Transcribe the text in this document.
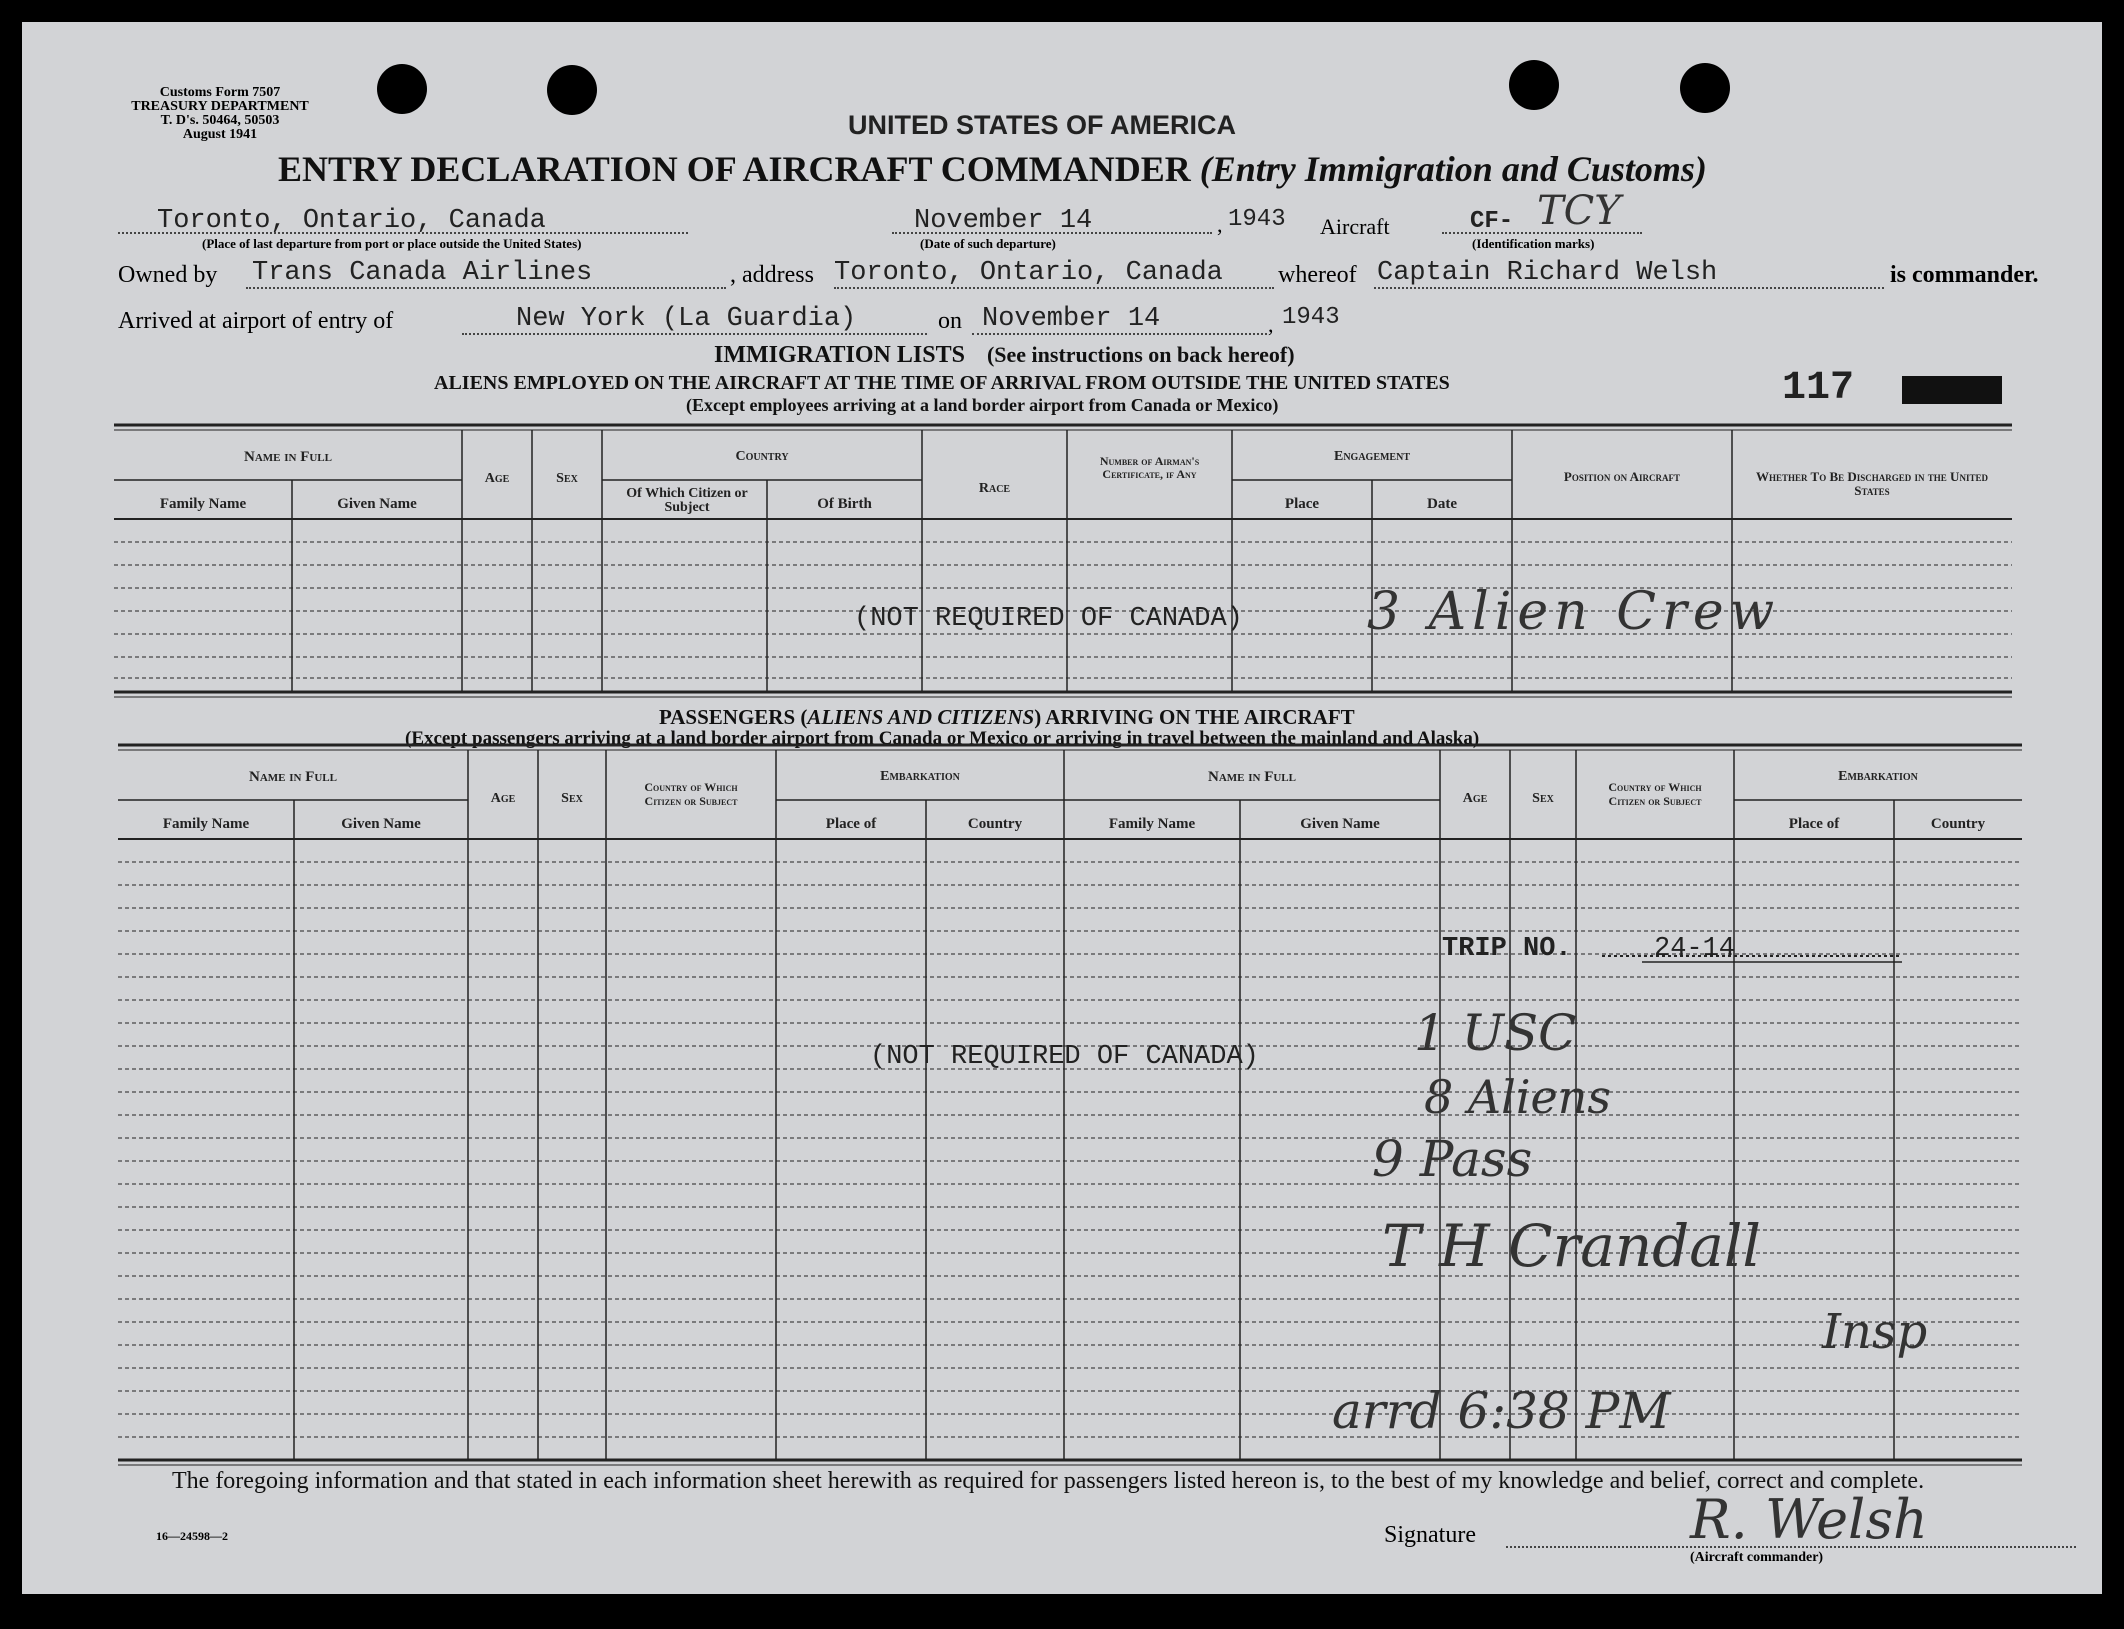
Customs Form 7507
TREASURY DEPARTMENT
T. D's. 50464, 50503
August 1941	UNITED STATES OF AMERICA
ENTRY DECLARATION OF AIRCRAFT COMMANDER (Entry Immigration and Customs)
Toronto, Ontario, Canada
(Place of last departure from port or place outside the United States)
November 14
(Date of such departure)
, 1943 Aircraft	CF- TCY
(Identification marks)
Owned by Trans Canada Airlines	, address Toronto, Ontario, Canada whereof Captain Richard Welsh	is commander.
Arrived at airport of entry of	New York (La Guardia)	on November 14	, 1943
IMMIGRATION LISTS (See instructions on back hereof)
ALIENS EMPLOYED ON THE AIRCRAFT AT THE TIME OF ARRIVAL FROM OUTSIDE THE UNITED STATES
(Except employees arriving at a land border airport from Canada or Mexico)	117
Name in Full
Family Name	Given Name
Age	Sex
Country
Of Which Citizen or Subject	Of Birth
Race
Number of Airman's Certificate, if Any
Engagement
Place	Date
Position on Aircraft	Whether To Be Discharged in the United States
(NOT REQUIRED OF CANADA) 3 Alien Crew
PASSENGERS (ALIENS AND CITIZENS) ARRIVING ON THE AIRCRAFT
(Except passengers arriving at a land border airport from Canada or Mexico or arriving in travel between the mainland and Alaska)
Name in Full
Family Name	Given Name
Age	Sex
Country of Which Citizen or Subject
Embarkation
Place of	Country
Name in Full
Family Name	Given Name
Age	Sex
Country of Which Citizen or Subject
Embarkation
Place of	Country
(NOT REQUIRED OF CANADA)
TRIP NO.	24-14
1 USC
8 Aliens
9 Pass
T H Crandall
Insp
arrd 6:38 PM
The foregoing information and that stated in each information sheet herewith as required for passengers listed hereon is, to the best of my knowledge and belief, correct and complete.
16—24598—2	Signature	R. Welsh
(Aircraft commander)
